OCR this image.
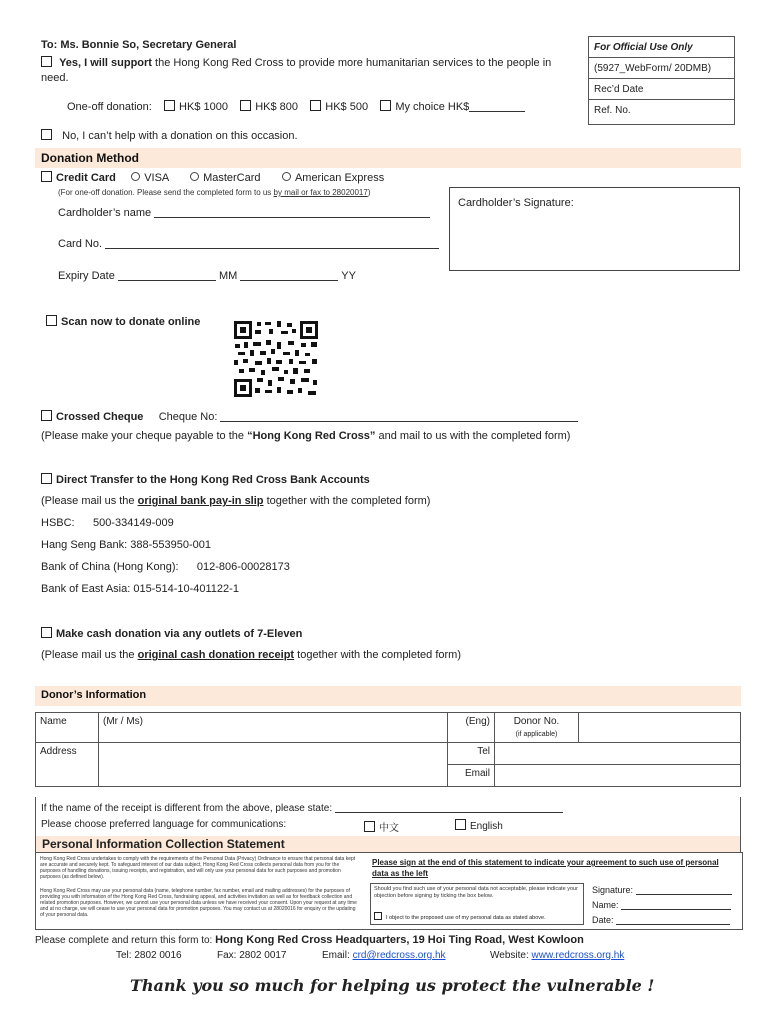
To: Ms. Bonnie So, Secretary General
Yes, I will support the Hong Kong Red Cross to provide more humanitarian services to the people in need.
One-off donation: HK$ 1000 HK$ 800 HK$ 500 My choice HK$
No, I can’t help with a donation on this occasion.
For Official Use Only
(5927_WebForm/ 20DMB)
Rec’d Date
Ref. No.
Donation Method
Credit Card	VISA	MasterCard	American Express
(For one-off donation. Please send the completed form to us by mail or fax to 28020017)
Cardholder’s name
Card No.
Expiry Date	MM	YY
Cardholder’s Signature:
Scan now to donate online
Crossed Cheque Cheque No:
(Please make your cheque payable to the “Hong Kong Red Cross” and mail to us with the completed form)
Direct Transfer to the Hong Kong Red Cross Bank Accounts
(Please mail us the original bank pay-in slip together with the completed form)
HSBC:      500-334149-009
Hang Seng Bank: 388-553950-001
Bank of China (Hong Kong):      012-806-00028173
Bank of East Asia: 015-514-10-401122-1
Make cash donation via any outlets of 7-Eleven
(Please mail us the original cash donation receipt together with the completed form)
Donor’s Information
Name	(Mr / Ms)	(Eng)	Donor No.
(if applicable)	

Address		Tel		
		Email		
If the name of the receipt is different from the above, please state:
Please choose preferred language for communications:	中文	English
Personal Information Collection Statement
Hong Kong Red Cross undertakes to comply with the requirements of the Personal Data (Privacy) Ordinance to ensure that personal data kept are accurate and securely kept. To safeguard interest of our data subject, Hong Kong Red Cross collects personal data from you for the purposes of handling donations, issuing receipts, and registration, and will only use your personal data for such purposes and promotion purposes (as defined below).
Hong Kong Red Cross may use your personal data (name, telephone number, fax number, email and mailing addresses) for the purposes of providing you with information of the Hong Kong Red Cross, fundraising appeal, and activities invitation as well as for feedback collection and related promotion purposes. However, we cannot use your personal data unless we have received your consent. Upon your request at any time and at no charge, we will cease to use your personal data for promotion purposes. You may contact us at 28020016 for enquiry or the updating of your personal data.
Please sign at the end of this statement to indicate your agreement to such use of personal data as the left
Should you find such use of your personal data not acceptable, please indicate your objection before signing by ticking the box below.
I object to the proposed use of my personal data as stated above.
Signature:
Name:
Date:
Please complete and return this form to: Hong Kong Red Cross Headquarters, 19 Hoi Ting Road, West Kowloon
Tel: 2802 0016	Fax: 2802 0017	Email: crd@redcross.org.hk	Website: www.redcross.org.hk
Thank you so much for helping us protect the vulnerable !
